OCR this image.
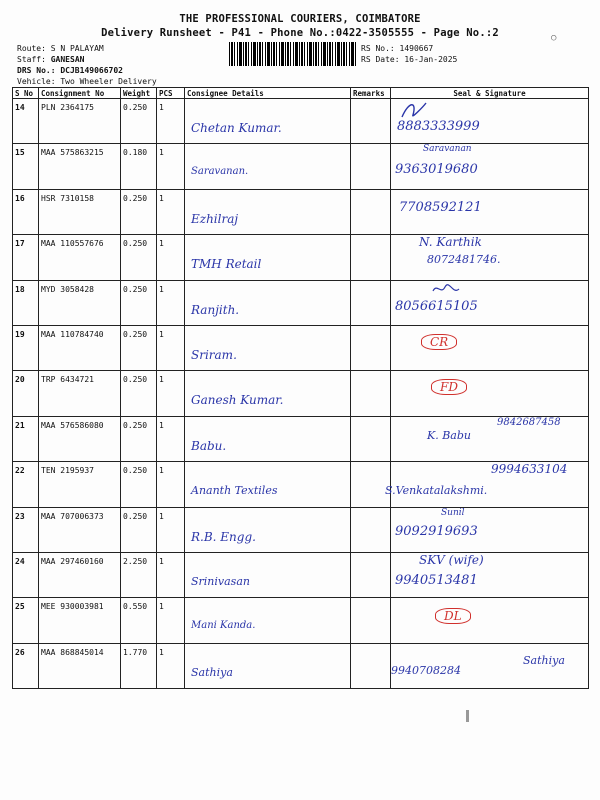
THE PROFESSIONAL COURIERS, COIMBATORE
Delivery Runsheet - P41 - Phone No.:0422-3505555 - Page No.:2	○
Route: S N PALAYAM
Staff: GANESAN
DRS No.: DCJB149066702
Vehicle: Two Wheeler Delivery
RS No.: 1490667
RS Date: 16-Jan-2025
S No	Consignment No	Weight	PCS	Consignee Details	Remarks	Seal & Signature
14	PLN 2364175	0.250	1	Chetan Kumar.		8883333999

15	MAA 575863215	0.180	1	Saravanan.		Saravanan
9363019680

16	HSR 7310158	0.250	1	Ezhilraj		7708592121

17	MAA 110557676	0.250	1	TMH Retail		N. Karthik
8072481746.

18	MYD 3058428	0.250	1	Ranjith.		8056615105

19	MAA 110784740	0.250	1	Sriram.		CR

20	TRP 6434721	0.250	1	Ganesh Kumar.		FD

21	MAA 576586080	0.250	1	Babu.		K. Babu
9842687458

22	TEN 2195937	0.250	1	Ananth Textiles		9994633104
S.Venkatalakshmi.

23	MAA 707006373	0.250	1	R.B. Engg.		Sunil
9092919693

24	MAA 297460160	2.250	1	Srinivasan		SKV (wife)
9940513481

25	MEE 930003981	0.550	1	Mani Kanda.		DL

26	MAA 868845014	1.770	1	Sathiya		9940708284
Sathiya
